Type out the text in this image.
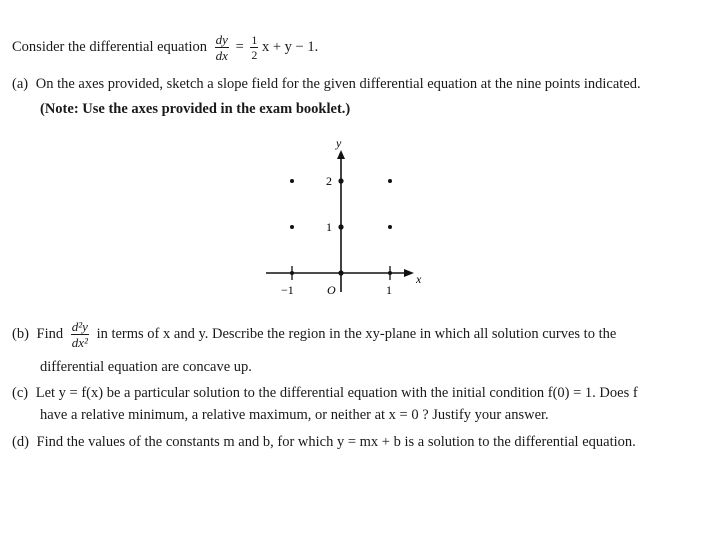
Consider the differential equation $\frac{dy}{dx} = \frac{1}{2}$ x + y − 1.
(a) On the axes provided, sketch a slope field for the given differential equation at the nine points indicated.
(Note: Use the axes provided in the exam booklet.)
y
x
2
1
−1	O	1
(b) Find $\frac{\text{d²y}}{\text{dx²}}$ in terms of x and y. Describe the region in the xy-plane in which all solution curves to the
differential equation are concave up.
(c) Let y = f(x) be a particular solution to the differential equation with the initial condition f(0) = 1. Does f
have a relative minimum, a relative maximum, or neither at x = 0 ? Justify your answer.
(d) Find the values of the constants m and b, for which y = mx + b is a solution to the differential equation.
